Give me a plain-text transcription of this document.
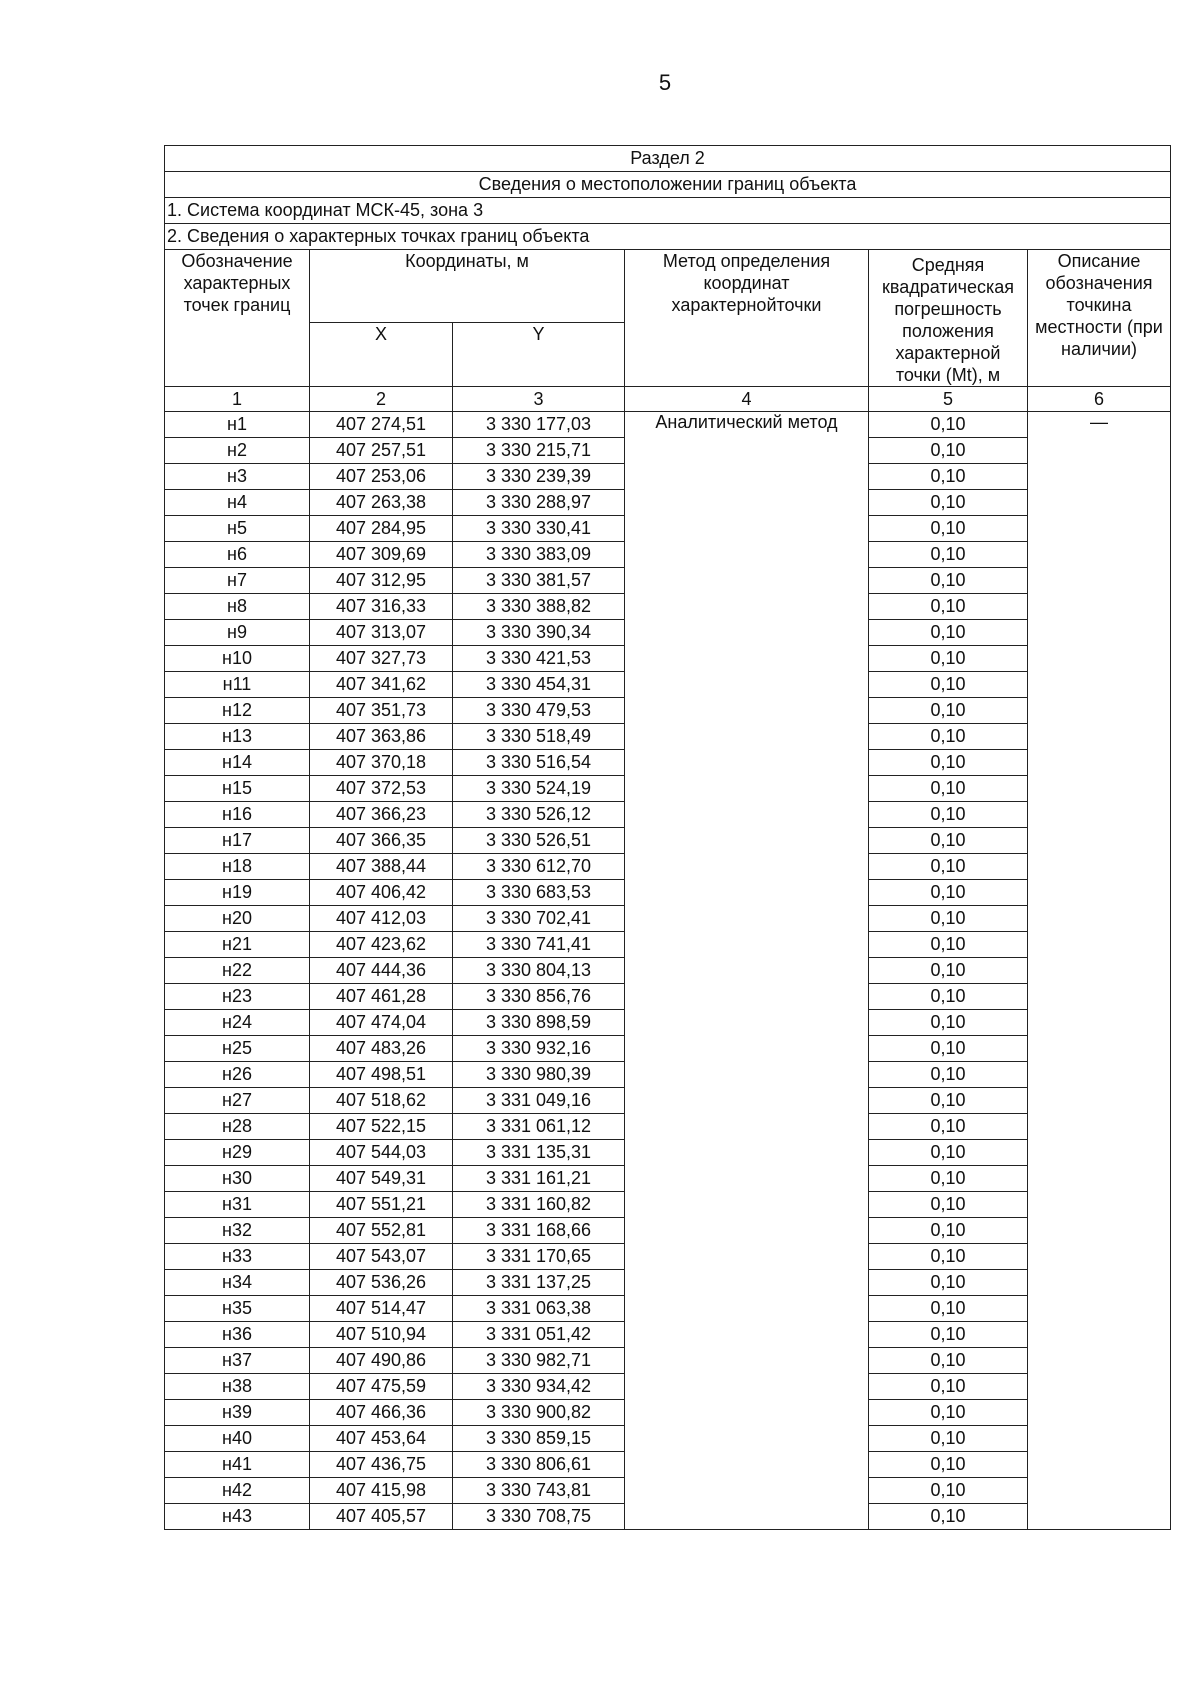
5
Раздел 2					
Сведения о местоположении границ объекта					
1. Система координат МСК-45, зона 3					
2. Сведения о характерных точках границ объекта					
Обозначение характерных точек границ	Координаты, м		Метод определения координат характернойточки	Средняя квадратическая погрешность положения характерной точки (Mt), м	Описание обозначения точкина местности (при наличии)
	X	Y			
1	2	3	4	5	6
н1	407 274,51	3 330 177,03	Аналитический метод	0,10	—
н2	407 257,51	3 330 215,71		0,10	
н3	407 253,06	3 330 239,39		0,10	
н4	407 263,38	3 330 288,97		0,10	
н5	407 284,95	3 330 330,41		0,10	
н6	407 309,69	3 330 383,09		0,10	
н7	407 312,95	3 330 381,57		0,10	
н8	407 316,33	3 330 388,82		0,10	
н9	407 313,07	3 330 390,34		0,10	
н10	407 327,73	3 330 421,53		0,10	
н11	407 341,62	3 330 454,31		0,10	
н12	407 351,73	3 330 479,53		0,10	
н13	407 363,86	3 330 518,49		0,10	
н14	407 370,18	3 330 516,54		0,10	
н15	407 372,53	3 330 524,19		0,10	
н16	407 366,23	3 330 526,12		0,10	
н17	407 366,35	3 330 526,51		0,10	
н18	407 388,44	3 330 612,70		0,10	
н19	407 406,42	3 330 683,53		0,10	
н20	407 412,03	3 330 702,41		0,10	
н21	407 423,62	3 330 741,41		0,10	
н22	407 444,36	3 330 804,13		0,10	
н23	407 461,28	3 330 856,76		0,10	
н24	407 474,04	3 330 898,59		0,10	
н25	407 483,26	3 330 932,16		0,10	
н26	407 498,51	3 330 980,39		0,10	
н27	407 518,62	3 331 049,16		0,10	
н28	407 522,15	3 331 061,12		0,10	
н29	407 544,03	3 331 135,31		0,10	
н30	407 549,31	3 331 161,21		0,10	
н31	407 551,21	3 331 160,82		0,10	
н32	407 552,81	3 331 168,66		0,10	
н33	407 543,07	3 331 170,65		0,10	
н34	407 536,26	3 331 137,25		0,10	
н35	407 514,47	3 331 063,38		0,10	
н36	407 510,94	3 331 051,42		0,10	
н37	407 490,86	3 330 982,71		0,10	
н38	407 475,59	3 330 934,42		0,10	
н39	407 466,36	3 330 900,82		0,10	
н40	407 453,64	3 330 859,15		0,10	
н41	407 436,75	3 330 806,61		0,10	
н42	407 415,98	3 330 743,81		0,10	
н43	407 405,57	3 330 708,75		0,10	
